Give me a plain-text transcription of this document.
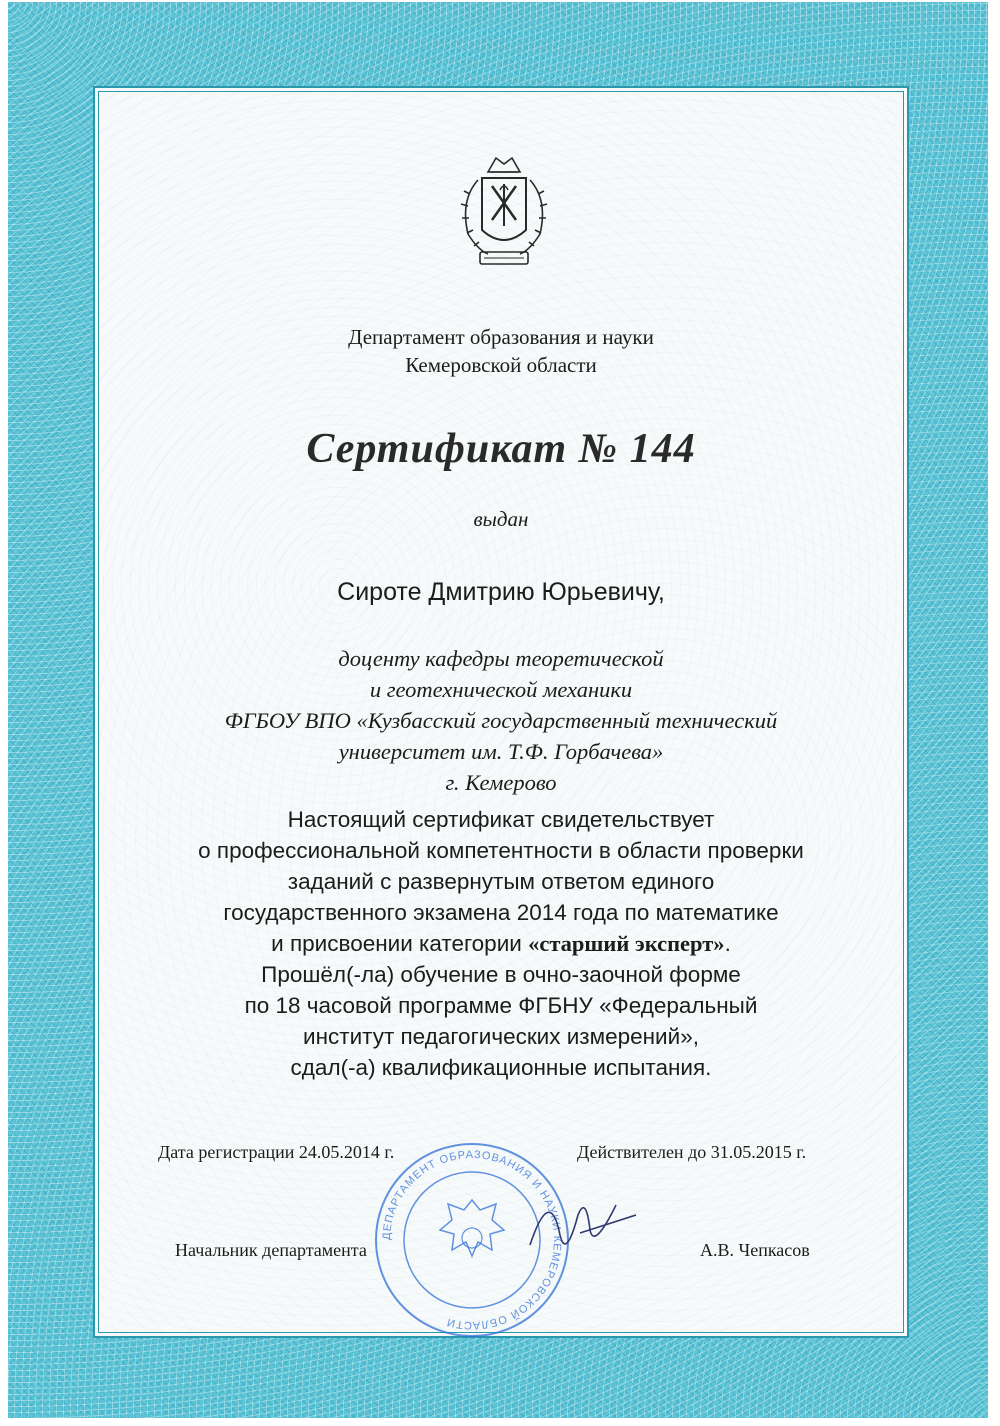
Департамент образования и науки
Кемеровской области
Сертификат № 144
выдан
Сироте Дмитрию Юрьевичу,
доценту кафедры теоретической
и геотехнической механики
ФГБОУ ВПО «Кузбасский государственный технический
университет им. Т.Ф. Горбачева»
г. Кемерово
Настоящий сертификат свидетельствует
о профессиональной компетентности в области проверки
заданий с развернутым ответом единого
государственного экзамена 2014 года по математике
и присвоении категории «старший эксперт».
Прошёл(-ла) обучение в очно-заочной форме
по 18 часовой программе ФГБНУ «Федеральный
институт педагогических измерений»,
сдал(-а) квалификационные испытания.
Дата регистрации 24.05.2014 г.	Действителен до 31.05.2015 г.
ДЕПАРТАМЕНТ ОБРАЗОВАНИЯ И НАУКИ КЕМЕРОВСКОЙ ОБЛАСТИ
Начальник департамента	А.В. Чепкасов
